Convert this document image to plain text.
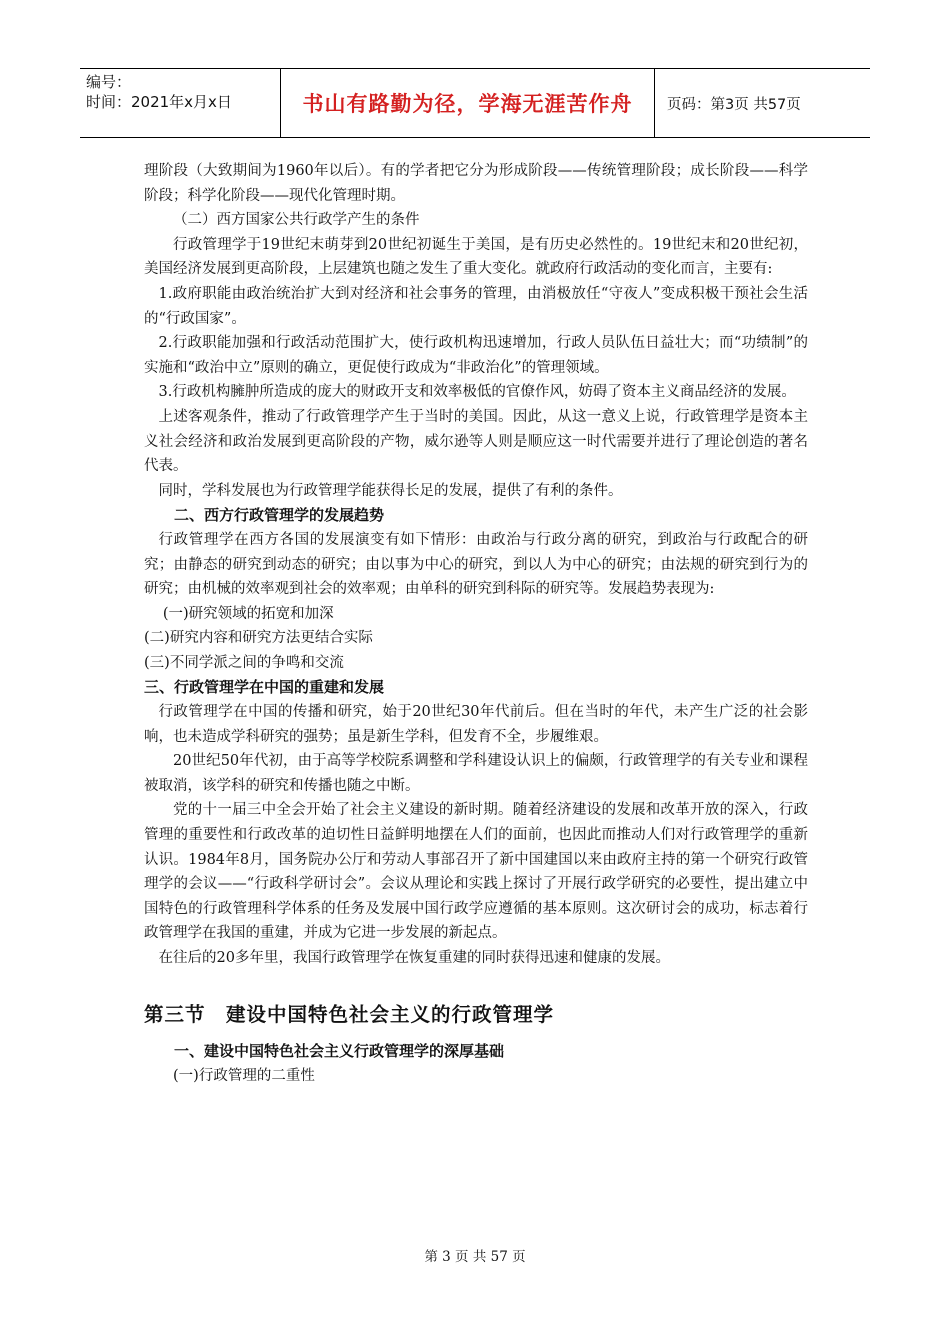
编号：
时间：2021年x月x日	书山有路勤为径，学海无涯苦作舟	页码：第3页 共57页

理阶段（大致期间为1960年以后）。有的学者把它分为形成阶段——传统管理阶段；成长阶段——科学阶段；科学化阶段——现代化管理时期。

（二）西方国家公共行政学产生的条件

行政管理学于19世纪末萌芽到20世纪初诞生于美国，是有历史必然性的。19世纪末和20世纪初，美国经济发展到更高阶段，上层建筑也随之发生了重大变化。就政府行政活动的变化而言，主要有:

1.政府职能由政治统治扩大到对经济和社会事务的管理，由消极放任“守夜人”变成积极干预社会生活的“行政国家”。

2.行政职能加强和行政活动范围扩大，使行政机构迅速增加，行政人员队伍日益壮大；而“功绩制”的实施和“政治中立”原则的确立，更促使行政成为“非政治化”的管理领域。

3.行政机构臃肿所造成的庞大的财政开支和效率极低的官僚作风，妨碍了资本主义商品经济的发展。

上述客观条件，推动了行政管理学产生于当时的美国。因此，从这一意义上说，行政管理学是资本主义社会经济和政治发展到更高阶段的产物，威尔逊等人则是顺应这一时代需要并进行了理论创造的著名代表。

同时，学科发展也为行政管理学能获得长足的发展，提供了有利的条件。

二、西方行政管理学的发展趋势

行政管理学在西方各国的发展演变有如下情形：由政治与行政分离的研究，到政治与行政配合的研究；由静态的研究到动态的研究；由以事为中心的研究，到以人为中心的研究；由法规的研究到行为的研究；由机械的效率观到社会的效率观；由单科的研究到科际的研究等。发展趋势表现为:

(一)研究领域的拓宽和加深

(二)研究内容和研究方法更结合实际

(三)不同学派之间的争鸣和交流

三、行政管理学在中国的重建和发展

行政管理学在中国的传播和研究，始于20世纪30年代前后。但在当时的年代，未产生广泛的社会影响，也未造成学科研究的强势；虽是新生学科，但发育不全，步履维艰。

20世纪50年代初，由于高等学校院系调整和学科建设认识上的偏颇，行政管理学的有关专业和课程被取消，该学科的研究和传播也随之中断。

党的十一届三中全会开始了社会主义建设的新时期。随着经济建设的发展和改革开放的深入，行政管理的重要性和行政改革的迫切性日益鲜明地摆在人们的面前，也因此而推动人们对行政管理学的重新认识。1984年8月，国务院办公厅和劳动人事部召开了新中国建国以来由政府主持的第一个研究行政管理学的会议——“行政科学研讨会”。会议从理论和实践上探讨了开展行政学研究的必要性，提出建立中国特色的行政管理科学体系的任务及发展中国行政学应遵循的基本原则。这次研讨会的成功，标志着行政管理学在我国的重建，并成为它进一步发展的新起点。

在往后的20多年里，我国行政管理学在恢复重建的同时获得迅速和健康的发展。

第三节　建设中国特色社会主义的行政管理学

一、建设中国特色社会主义行政管理学的深厚基础

(一)行政管理的二重性

第 3 页 共 57 页
